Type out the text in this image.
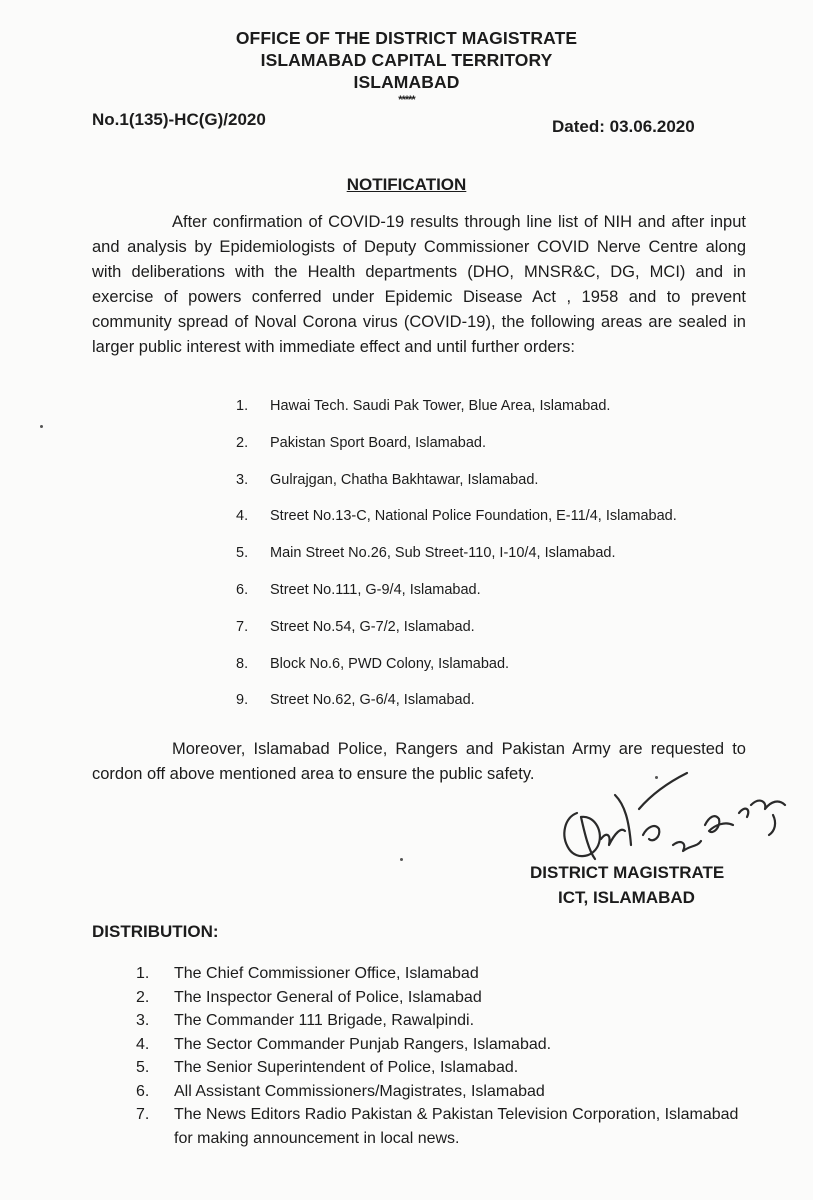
OFFICE OF THE DISTRICT MAGISTRATE
ISLAMABAD CAPITAL TERRITORY
ISLAMABAD
*****
No.1(135)-HC(G)/2020	Dated: 03.06.2020
NOTIFICATION

After confirmation of COVID-19 results through line list of NIH and after input and analysis by Epidemiologists of Deputy Commissioner COVID Nerve Centre along with deliberations with the Health departments (DHO, MNSR&C, DG, MCI) and in exercise of powers conferred under Epidemic Disease Act , 1958 and to prevent community spread of Noval Corona virus (COVID-19), the following areas are sealed in larger public interest with immediate effect and until further orders:

1.	Hawai Tech. Saudi Pak Tower, Blue Area, Islamabad.
2.	Pakistan Sport Board, Islamabad.
3.	Gulrajgan, Chatha Bakhtawar, Islamabad.
4.	Street No.13-C, National Police Foundation, E-11/4, Islamabad.
5.	Main Street No.26, Sub Street-110, I-10/4, Islamabad.
6.	Street No.111, G-9/4, Islamabad.
7.	Street No.54, G-7/2, Islamabad.
8.	Block No.6, PWD Colony, Islamabad.
9.	Street No.62, G-6/4, Islamabad.

Moreover, Islamabad Police, Rangers and Pakistan Army are requested to cordon off above mentioned area to ensure the public safety.

DISTRICT MAGISTRATE
ICT, ISLAMABAD
DISTRIBUTION:
1.	The Chief Commissioner Office, Islamabad
2.	The Inspector General of Police, Islamabad
3.	The Commander 111 Brigade, Rawalpindi.
4.	The Sector Commander Punjab Rangers, Islamabad.
5.	The Senior Superintendent of Police, Islamabad.
6.	All Assistant Commissioners/Magistrates, Islamabad
7.	The News Editors Radio Pakistan & Pakistan Television Corporation, Islamabad for making announcement in local news.
